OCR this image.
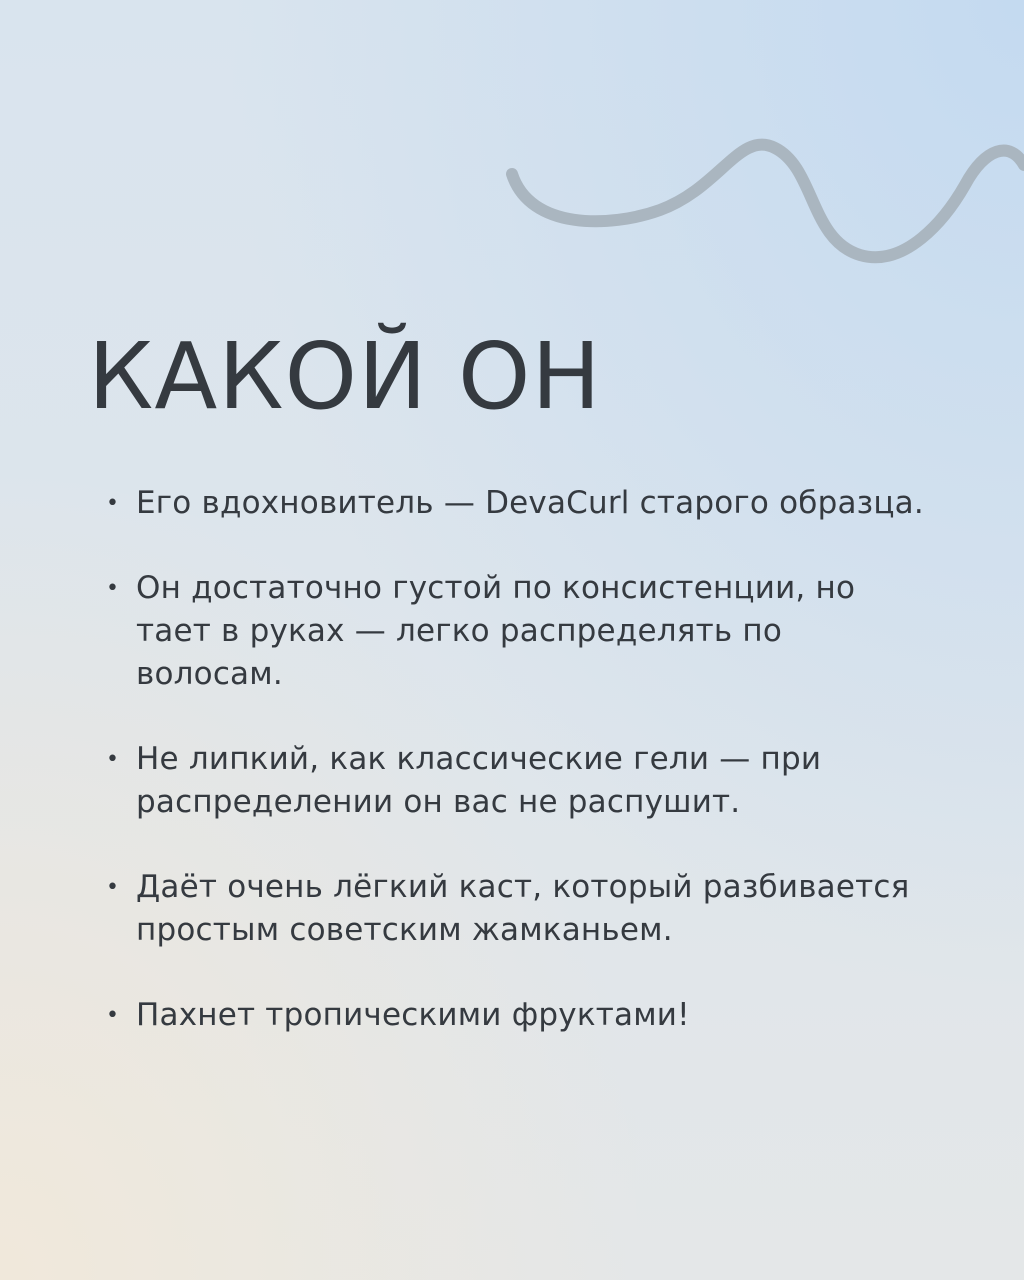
КАКОЙ ОН
• Его вдохновитель — DevaCurl старого образца.
• Он достаточно густой по консистенции, но тает в руках — легко распределять по волосам.
• Не липкий, как классические гели — при распределении он вас не распушит.
• Даёт очень лёгкий каст, который разбивается простым советским жамканьем.
• Пахнет тропическими фруктами!
